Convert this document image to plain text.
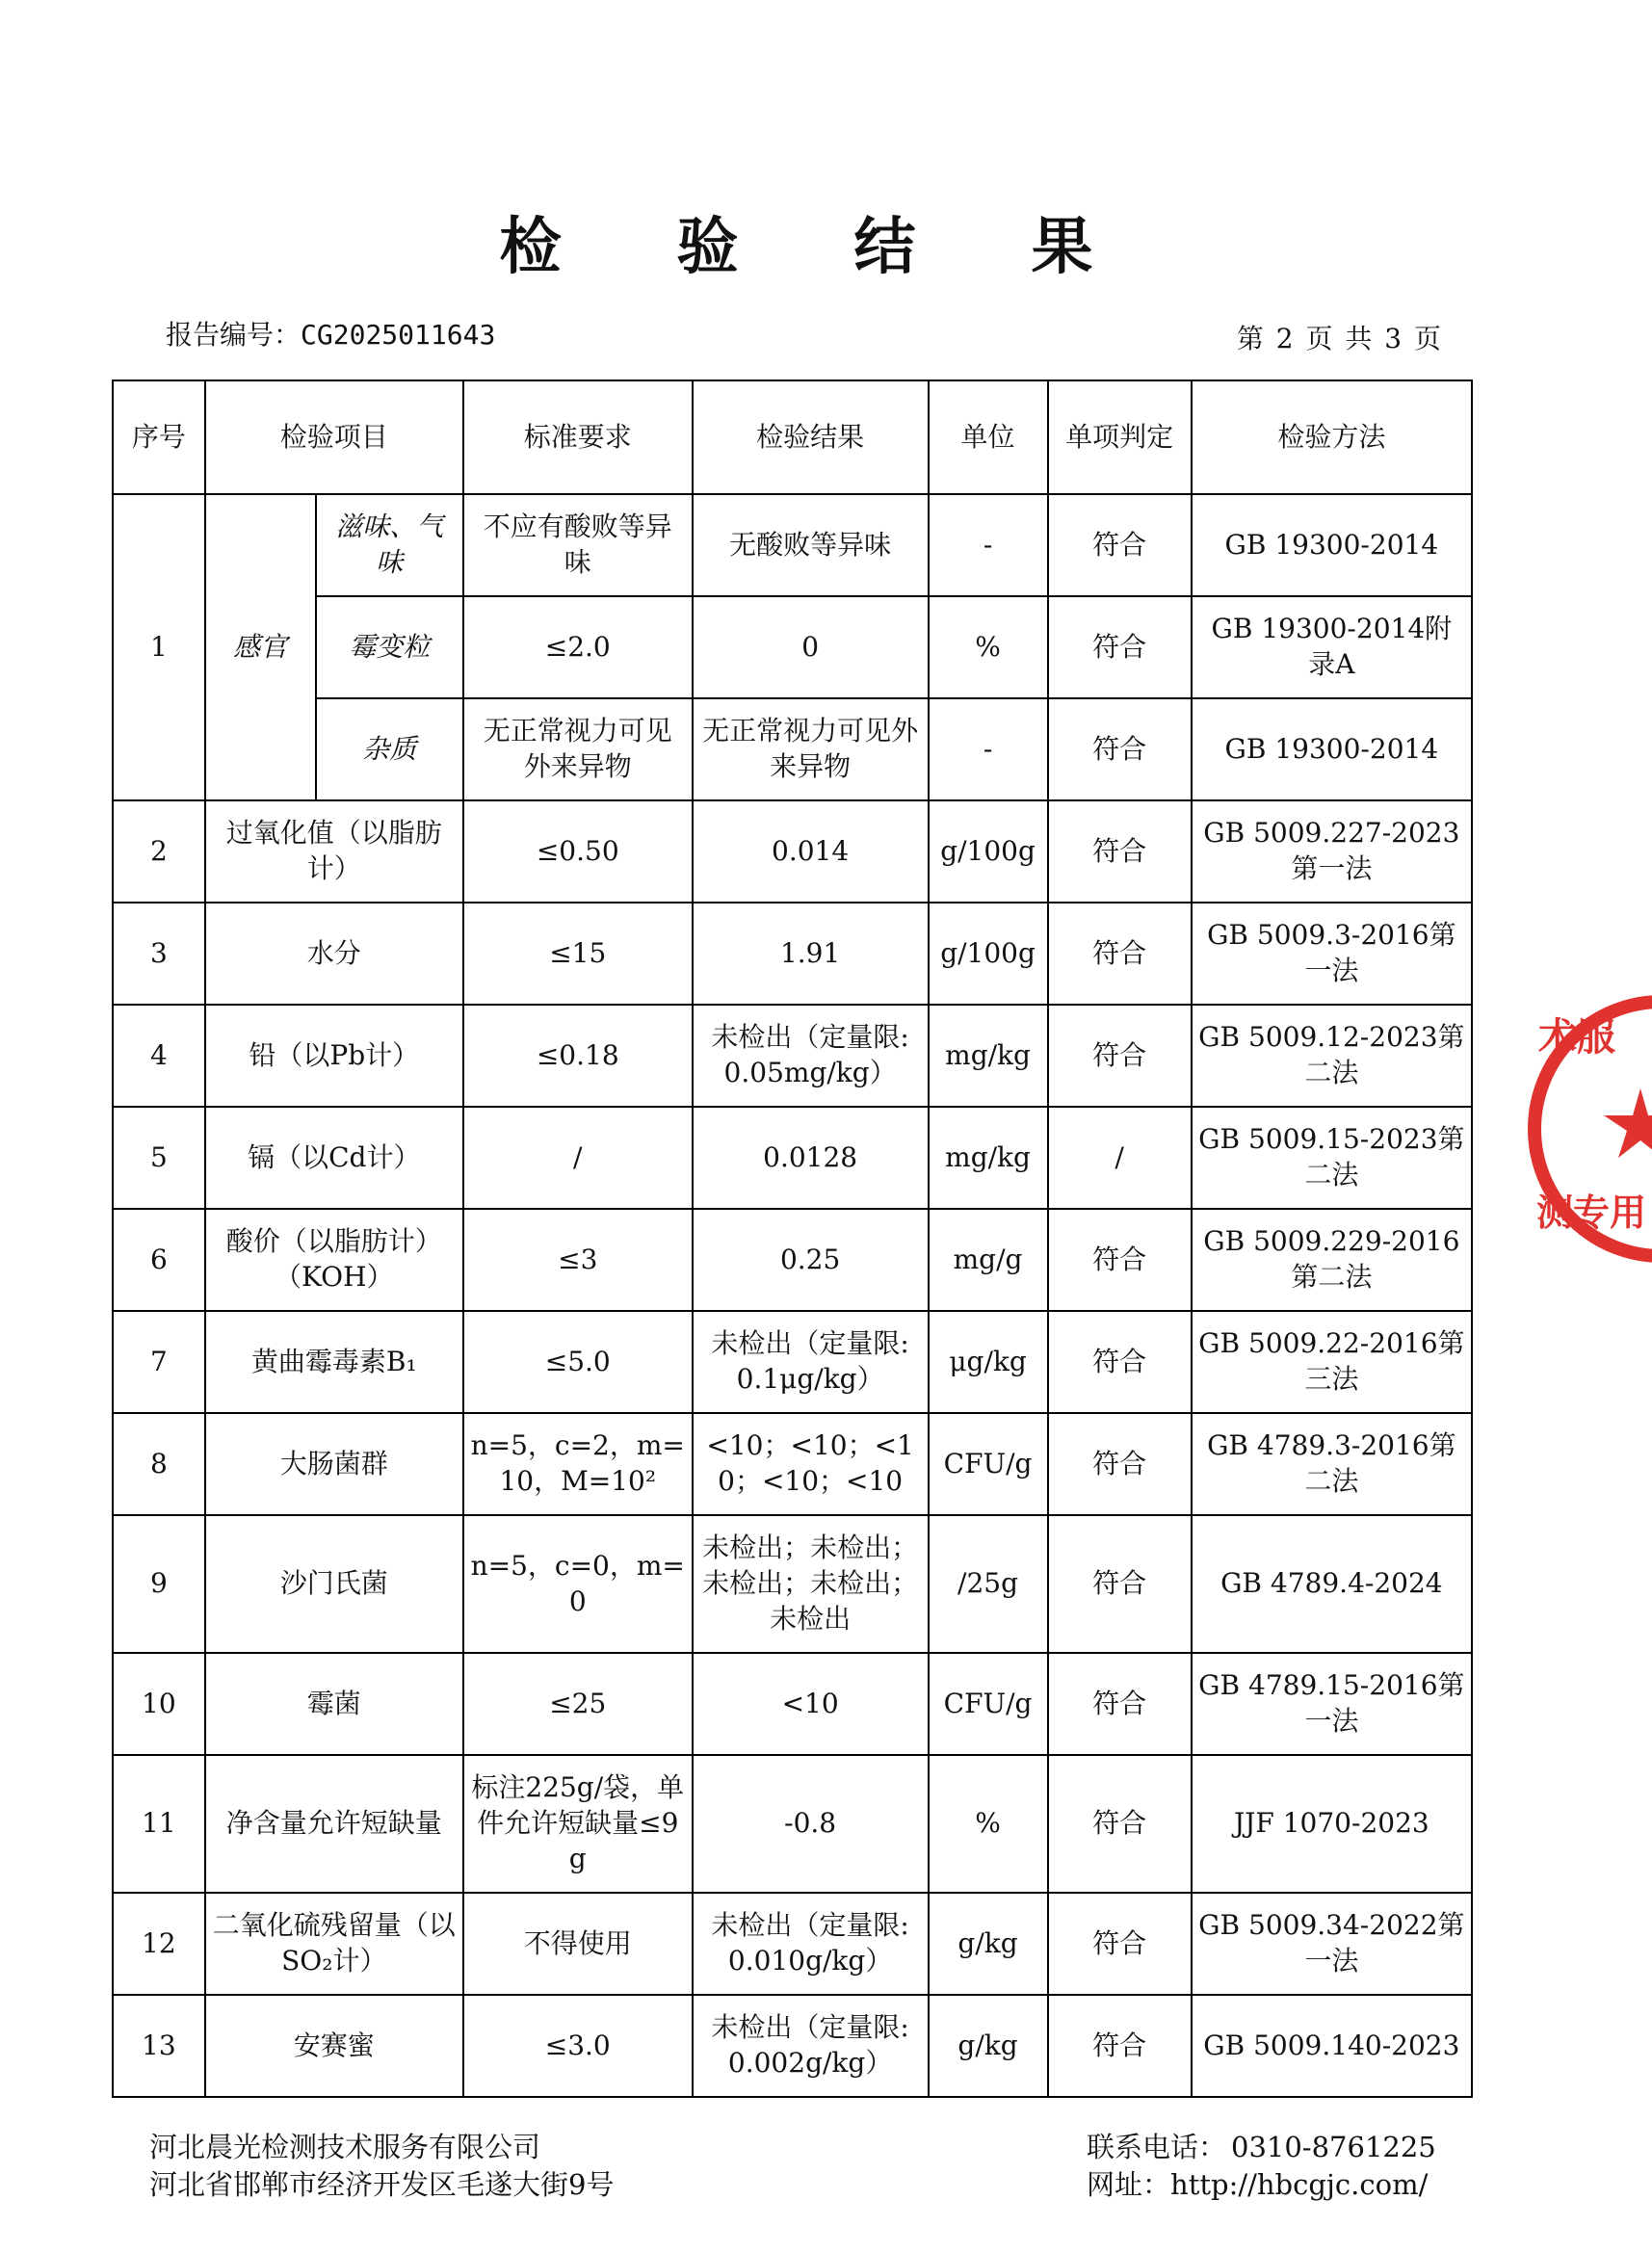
检 验 结 果
报告编号：CG2025011643	第 2 页 共 3 页
序号	检验项目		标准要求	检验结果	单位	单项判定	检验方法
1	感官	滋味、气味	不应有酸败等异味	无酸败等异味	-	符合	GB 19300-2014
		霉变粒	≤2.0	0	%	符合	GB 19300-2014附录A
		杂质	无正常视力可见外来异物	无正常视力可见外来异物	-	符合	GB 19300-2014
2	过氧化值（以脂肪计）		≤0.50	0.014	g/100g	符合	GB 5009.227-2023第一法
3	水分		≤15	1.91	g/100g	符合	GB 5009.3-2016第一法
4	铅（以Pb计）		≤0.18	未检出（定量限:0.05mg/kg）	mg/kg	符合	GB 5009.12-2023第二法
5	镉（以Cd计）		/	0.0128	mg/kg	/	GB 5009.15-2023第二法
6	酸价（以脂肪计）（KOH）		≤3	0.25	mg/g	符合	GB 5009.229-2016第二法
7	黄曲霉毒素B₁		≤5.0	未检出（定量限:0.1μg/kg）	μg/kg	符合	GB 5009.22-2016第三法
8	大肠菌群		n=5，c=2，m=10，M=10²	<10；<10；<10；<10；<10	CFU/g	符合	GB 4789.3-2016第二法
9	沙门氏菌		n=5，c=0，m=0	未检出；未检出；未检出；未检出；未检出	/25g	符合	GB 4789.4-2024
10	霉菌		≤25	<10	CFU/g	符合	GB 4789.15-2016第一法
11	净含量允许短缺量		标注225g/袋，单件允许短缺量≤9g	-0.8	%	符合	JJF 1070-2023
12	二氧化硫残留量（以SO₂计）		不得使用	未检出（定量限:0.010g/kg）	g/kg	符合	GB 5009.34-2022第一法
13	安赛蜜		≤3.0	未检出（定量限:0.002g/kg）	g/kg	符合	GB 5009.140-2023
河北晨光检测技术服务有限公司
河北省邯郸市经济开发区毛遂大街9号
联系电话： 0310-8761225
网址：http://hbcgjc.com/
术服
测专用
